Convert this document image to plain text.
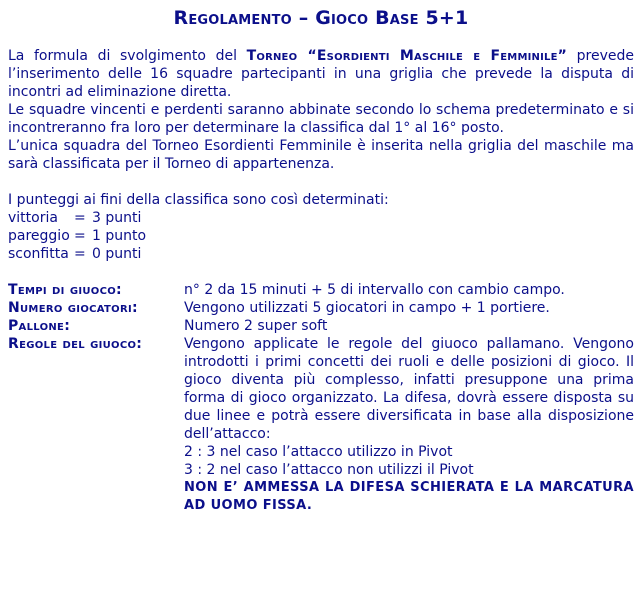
Regolamento – Gioco Base 5+1

La formula di svolgimento del Torneo “Esordienti Maschile e Femminile” prevede l’inserimento delle 16 squadre partecipanti in una griglia che prevede la disputa di incontri ad eliminazione diretta.

Le squadre vincenti e perdenti saranno abbinate secondo lo schema predeterminato e si incontreranno fra loro per determinare la classifica dal 1° al 16° posto.

L’unica squadra del Torneo Esordienti Femminile è inserita nella griglia del maschile ma sarà classificata per il Torneo di appartenenza.

I punteggi ai fini della classifica sono così determinati:
vittoria	= 3 punti
pareggio = 1 punto
sconfitta = 0 punti
Tempi di giuoco:	n° 2 da 15 minuti + 5 di intervallo con cambio campo.
Numero giocatori:	Vengono utilizzati 5 giocatori in campo + 1 portiere.
Pallone:	Numero 2 super soft
Regole del giuoco:	Vengono applicate le regole del giuoco pallamano. Vengono introdotti i primi concetti dei ruoli e delle posizioni di gioco. Il gioco diventa più complesso, infatti presuppone una prima forma di gioco organizzato. La difesa, dovrà essere disposta su due linee e potrà essere diversificata in base alla disposizione dell’attacco:
2 : 3 nel caso l’attacco utilizzo in Pivot
3 : 2 nel caso l’attacco non utilizzi il Pivot
NON E’ AMMESSA LA DIFESA SCHIERATA E LA MARCATURA AD UOMO FISSA.
